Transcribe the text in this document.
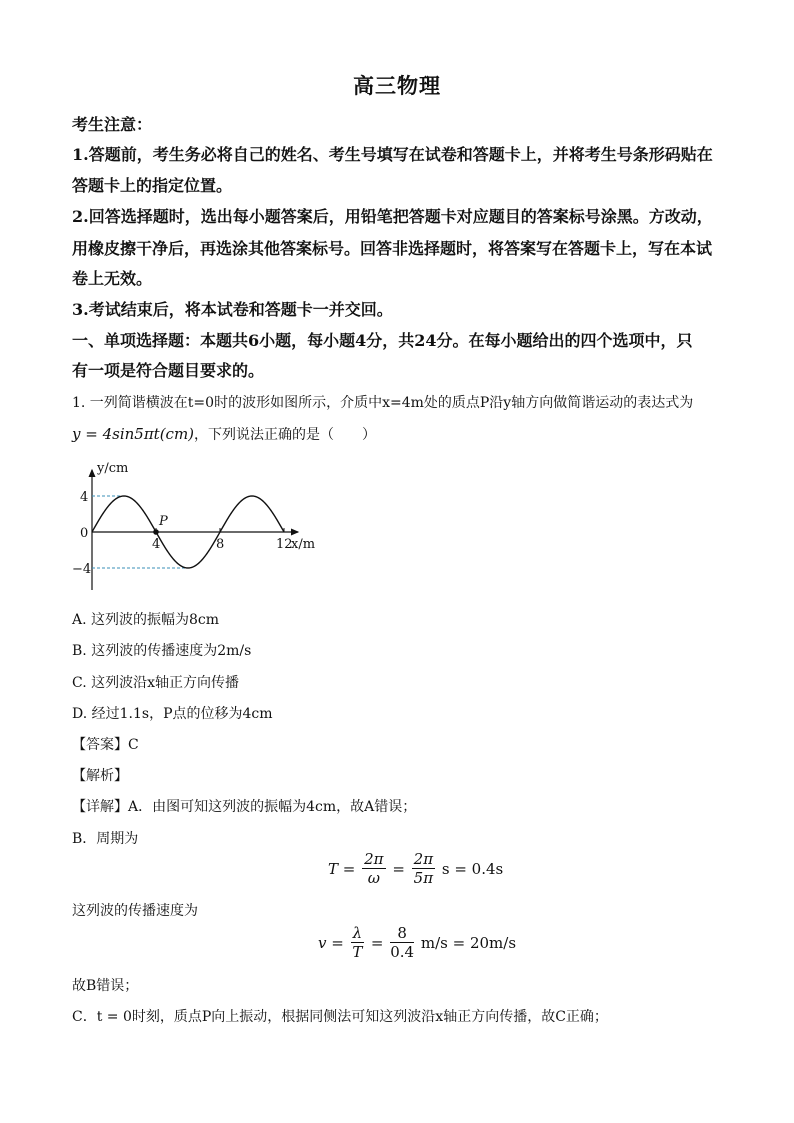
高三物理
考生注意：
1.答题前，考生务必将自己的姓名、考生号填写在试卷和答题卡上，并将考生号条形码贴在
答题卡上的指定位置。
2.回答选择题时，选出每小题答案后，用铅笔把答题卡对应题目的答案标号涂黑。方改动，
用橡皮擦干净后，再选涂其他答案标号。回答非选择题时，将答案写在答题卡上，写在本试
卷上无效。
3.考试结束后，将本试卷和答题卡一并交回。
一、单项选择题：本题共6小题，每小题4分，共24分。在每小题给出的四个选项中，只
有一项是符合题目要求的。
1. 一列简谐横波在t=0时的波形如图所示，介质中x=4m处的质点P沿y轴方向做简谐运动的表达式为
y = 4sin5πt(cm)，下列说法正确的是（　　）
P
y/cm
x/m
0
4	8	12
4
−4
A. 这列波的振幅为8cm
B. 这列波的传播速度为2m/s
C. 这列波沿x轴正方向传播
D. 经过1.1s，P点的位移为4cm
【答案】C
【解析】
【详解】A．由图可知这列波的振幅为4cm，故A错误；
B．周期为
$T = \frac{2\pi}{\omega} = \frac{2\pi}{5\pi}$ s = 0.4s
这列波的传播速度为
$v = \frac{\lambda}{T} = \frac{8}{0.4} m/s = 20m/s$
故B错误；
C．t = 0时刻，质点P向上振动，根据同侧法可知这列波沿x轴正方向传播，故C正确；
